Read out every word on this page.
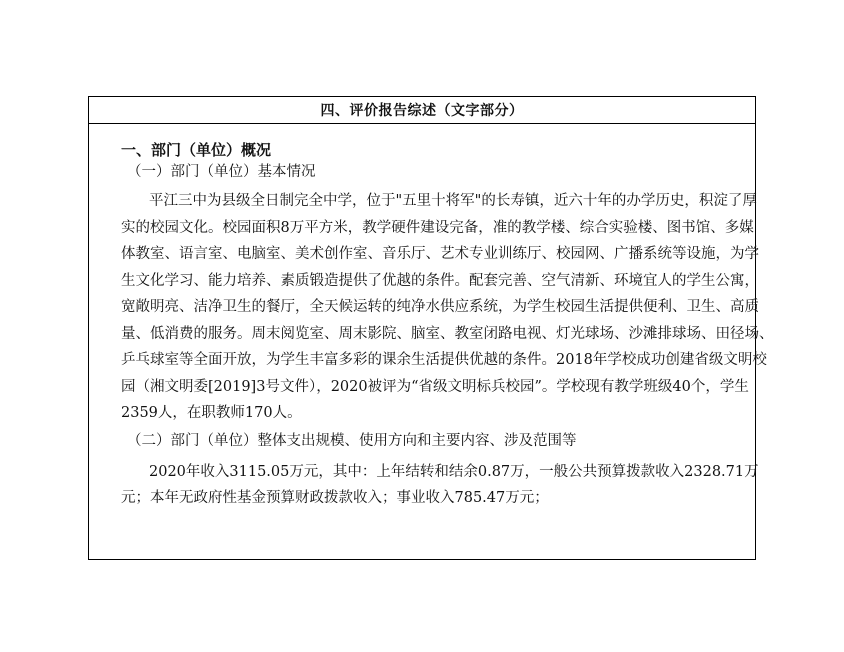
四、评价报告综述（文字部分）
一、部门（单位）概况
（一）部门（单位）基本情况
平江三中为县级全日制完全中学，位于"五里十将军"的长寿镇，近六十年的办学历史，积淀了厚
实的校园文化。校园面积8万平方米，教学硬件建设完备，准的教学楼、综合实验楼、图书馆、多媒
体教室、语言室、电脑室、美术创作室、音乐厅、艺术专业训练厅、校园网、广播系统等设施，为学
生文化学习、能力培养、素质锻造提供了优越的条件。配套完善、空气清新、环境宜人的学生公寓，
宽敞明亮、洁净卫生的餐厅，全天候运转的纯净水供应系统，为学生校园生活提供便利、卫生、高质
量、低消费的服务。周末阅览室、周末影院、脑室、教室闭路电视、灯光球场、沙滩排球场、田径场、
乒乓球室等全面开放，为学生丰富多彩的课余生活提供优越的条件。2018年学校成功创建省级文明校
园（湘文明委[2019]3号文件），2020被评为“省级文明标兵校园”。学校现有教学班级40个，学生
2359人，在职教师170人。
（二）部门（单位）整体支出规模、使用方向和主要内容、涉及范围等
2020年收入3115.05万元，其中：上年结转和结余0.87万，一般公共预算拨款收入2328.71万
元；本年无政府性基金预算财政拨款收入；事业收入785.47万元；
